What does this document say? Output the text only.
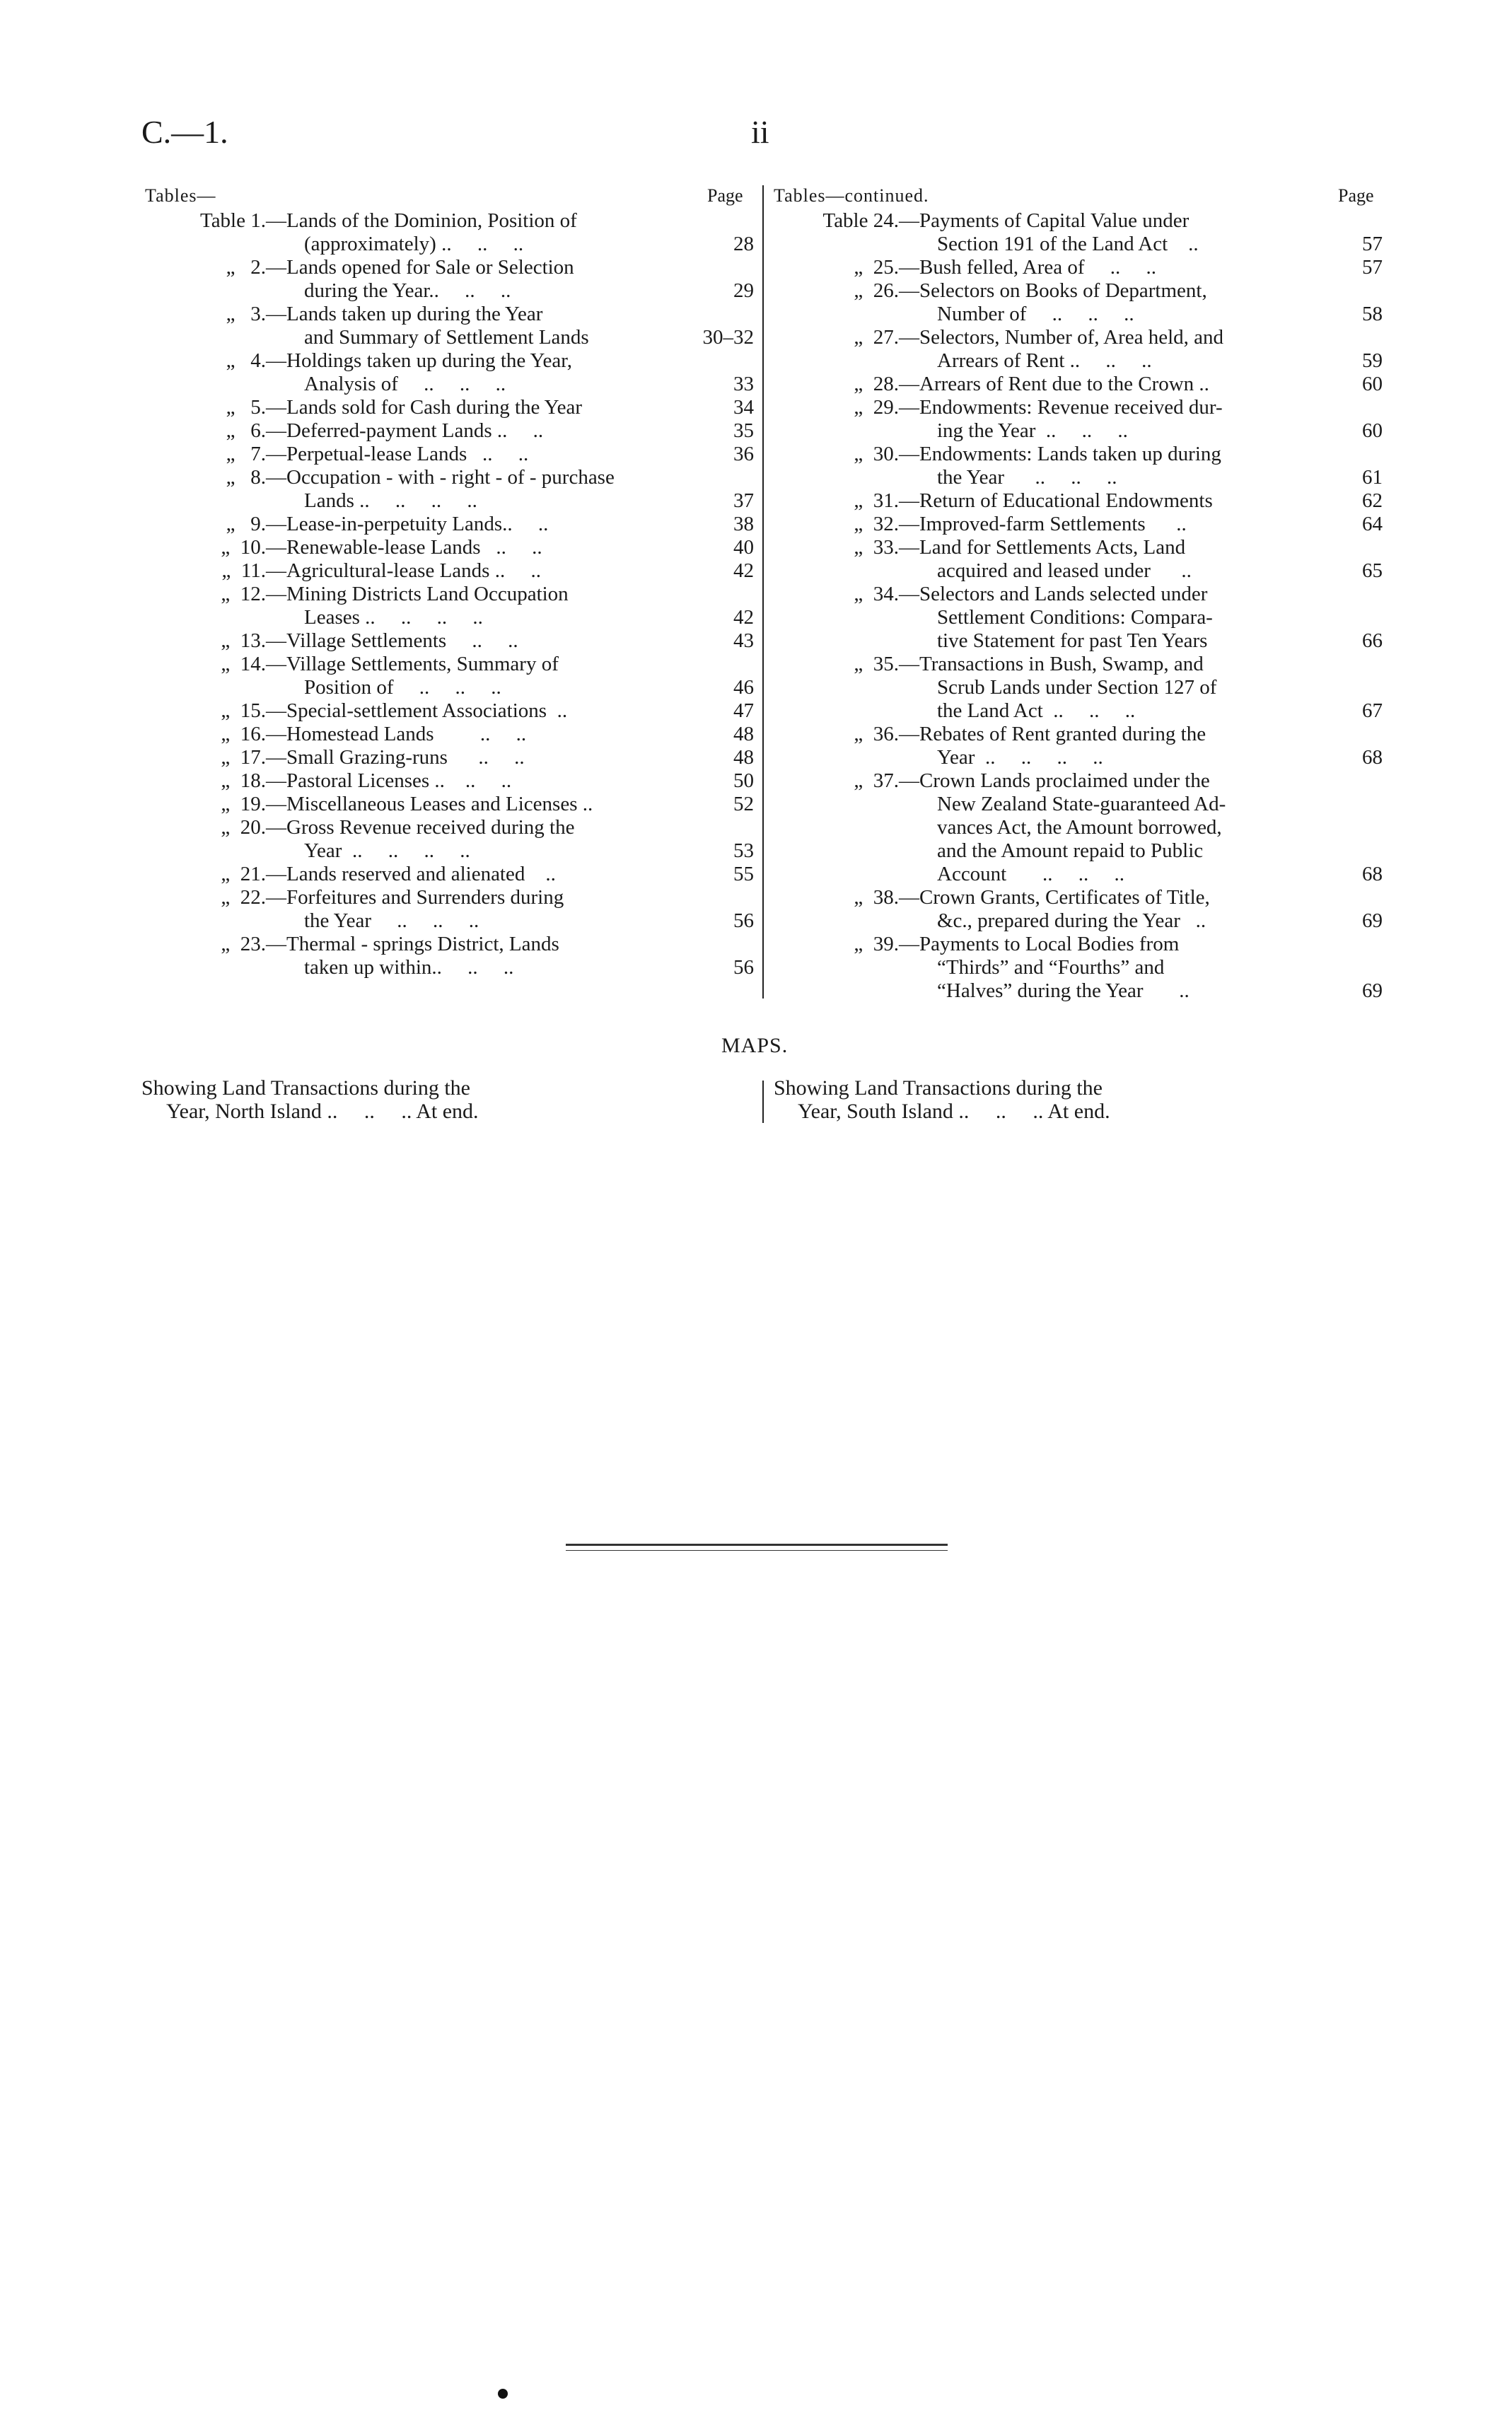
C.—1.	ii
Tables—	Page Tables—continued.	Page
Table 1.— Lands of the Dominion, Position of
(approximately) ..     ..     ..	28
„   2.— Lands opened for Sale or Selection
during the Year..     ..     ..	29
„   3.— Lands taken up during the Year
and Summary of Settlement Lands	30–32
„   4.— Holdings taken up during the Year,
Analysis of     ..     ..     ..	33
„   5.— Lands sold for Cash during the Year	34
„   6.— Deferred-payment Lands ..     ..	35
„   7.— Perpetual-lease Lands   ..     ..	36
„   8.— Occupation - with - right - of - purchase
Lands ..     ..     ..     ..	37
„   9.— Lease-in-perpetuity Lands..     ..	38
„  10.— Renewable-lease Lands   ..     ..	40
„  11.— Agricultural-lease Lands ..     ..	42
„  12.— Mining Districts Land Occupation
Leases ..     ..     ..     ..	42
„  13.— Village Settlements     ..     ..	43
„  14.— Village Settlements, Summary of
Position of     ..     ..     ..	46
„  15.— Special-settlement Associations  ..	47
„  16.— Homestead Lands         ..     ..	48
„  17.— Small Grazing-runs      ..     ..	48
„  18.— Pastoral Licenses ..    ..     ..	50
„  19.— Miscellaneous Leases and Licenses ..	52
„  20.— Gross Revenue received during the
Year  ..     ..     ..     ..	53
„  21.— Lands reserved and alienated    ..	55
„  22.— Forfeitures and Surrenders during
the Year     ..     ..     ..	56
„  23.— Thermal - springs District, Lands
taken up within..     ..     ..	56
Table 24.— Payments of Capital Value under
Section 191 of the Land Act    ..	57
„  25.— Bush felled, Area of     ..     ..	57
„  26.— Selectors on Books of Department,
Number of     ..     ..     ..	58
„  27.— Selectors, Number of, Area held, and
Arrears of Rent ..     ..     ..	59
„  28.— Arrears of Rent due to the Crown ..	60
„  29.— Endowments: Revenue received dur-
ing the Year  ..     ..     ..	60
„  30.— Endowments: Lands taken up during
the Year      ..     ..     ..	61
„  31.— Return of Educational Endowments	62
„  32.— Improved-farm Settlements      ..	64
„  33.— Land for Settlements Acts, Land
acquired and leased under      ..	65
„  34.— Selectors and Lands selected under
Settlement Conditions: Compara-
tive Statement for past Ten Years	66
„  35.— Transactions in Bush, Swamp, and
Scrub Lands under Section 127 of
the Land Act  ..     ..     ..	67
„  36.— Rebates of Rent granted during the
Year  ..     ..     ..     ..	68
„  37.— Crown Lands proclaimed under the
New Zealand State-guaranteed Ad-
vances Act, the Amount borrowed,
and the Amount repaid to Public
Account       ..     ..     ..	68
„  38.— Crown Grants, Certificates of Title,
&c., prepared during the Year   ..	69
„  39.— Payments to Local Bodies from
“Thirds” and “Fourths” and
“Halves” during the Year       ..	69
MAPS.
Showing Land Transactions during the
Year, North Island ..     ..     .. At end.
Showing Land Transactions during the
Year, South Island ..     ..     .. At end.
